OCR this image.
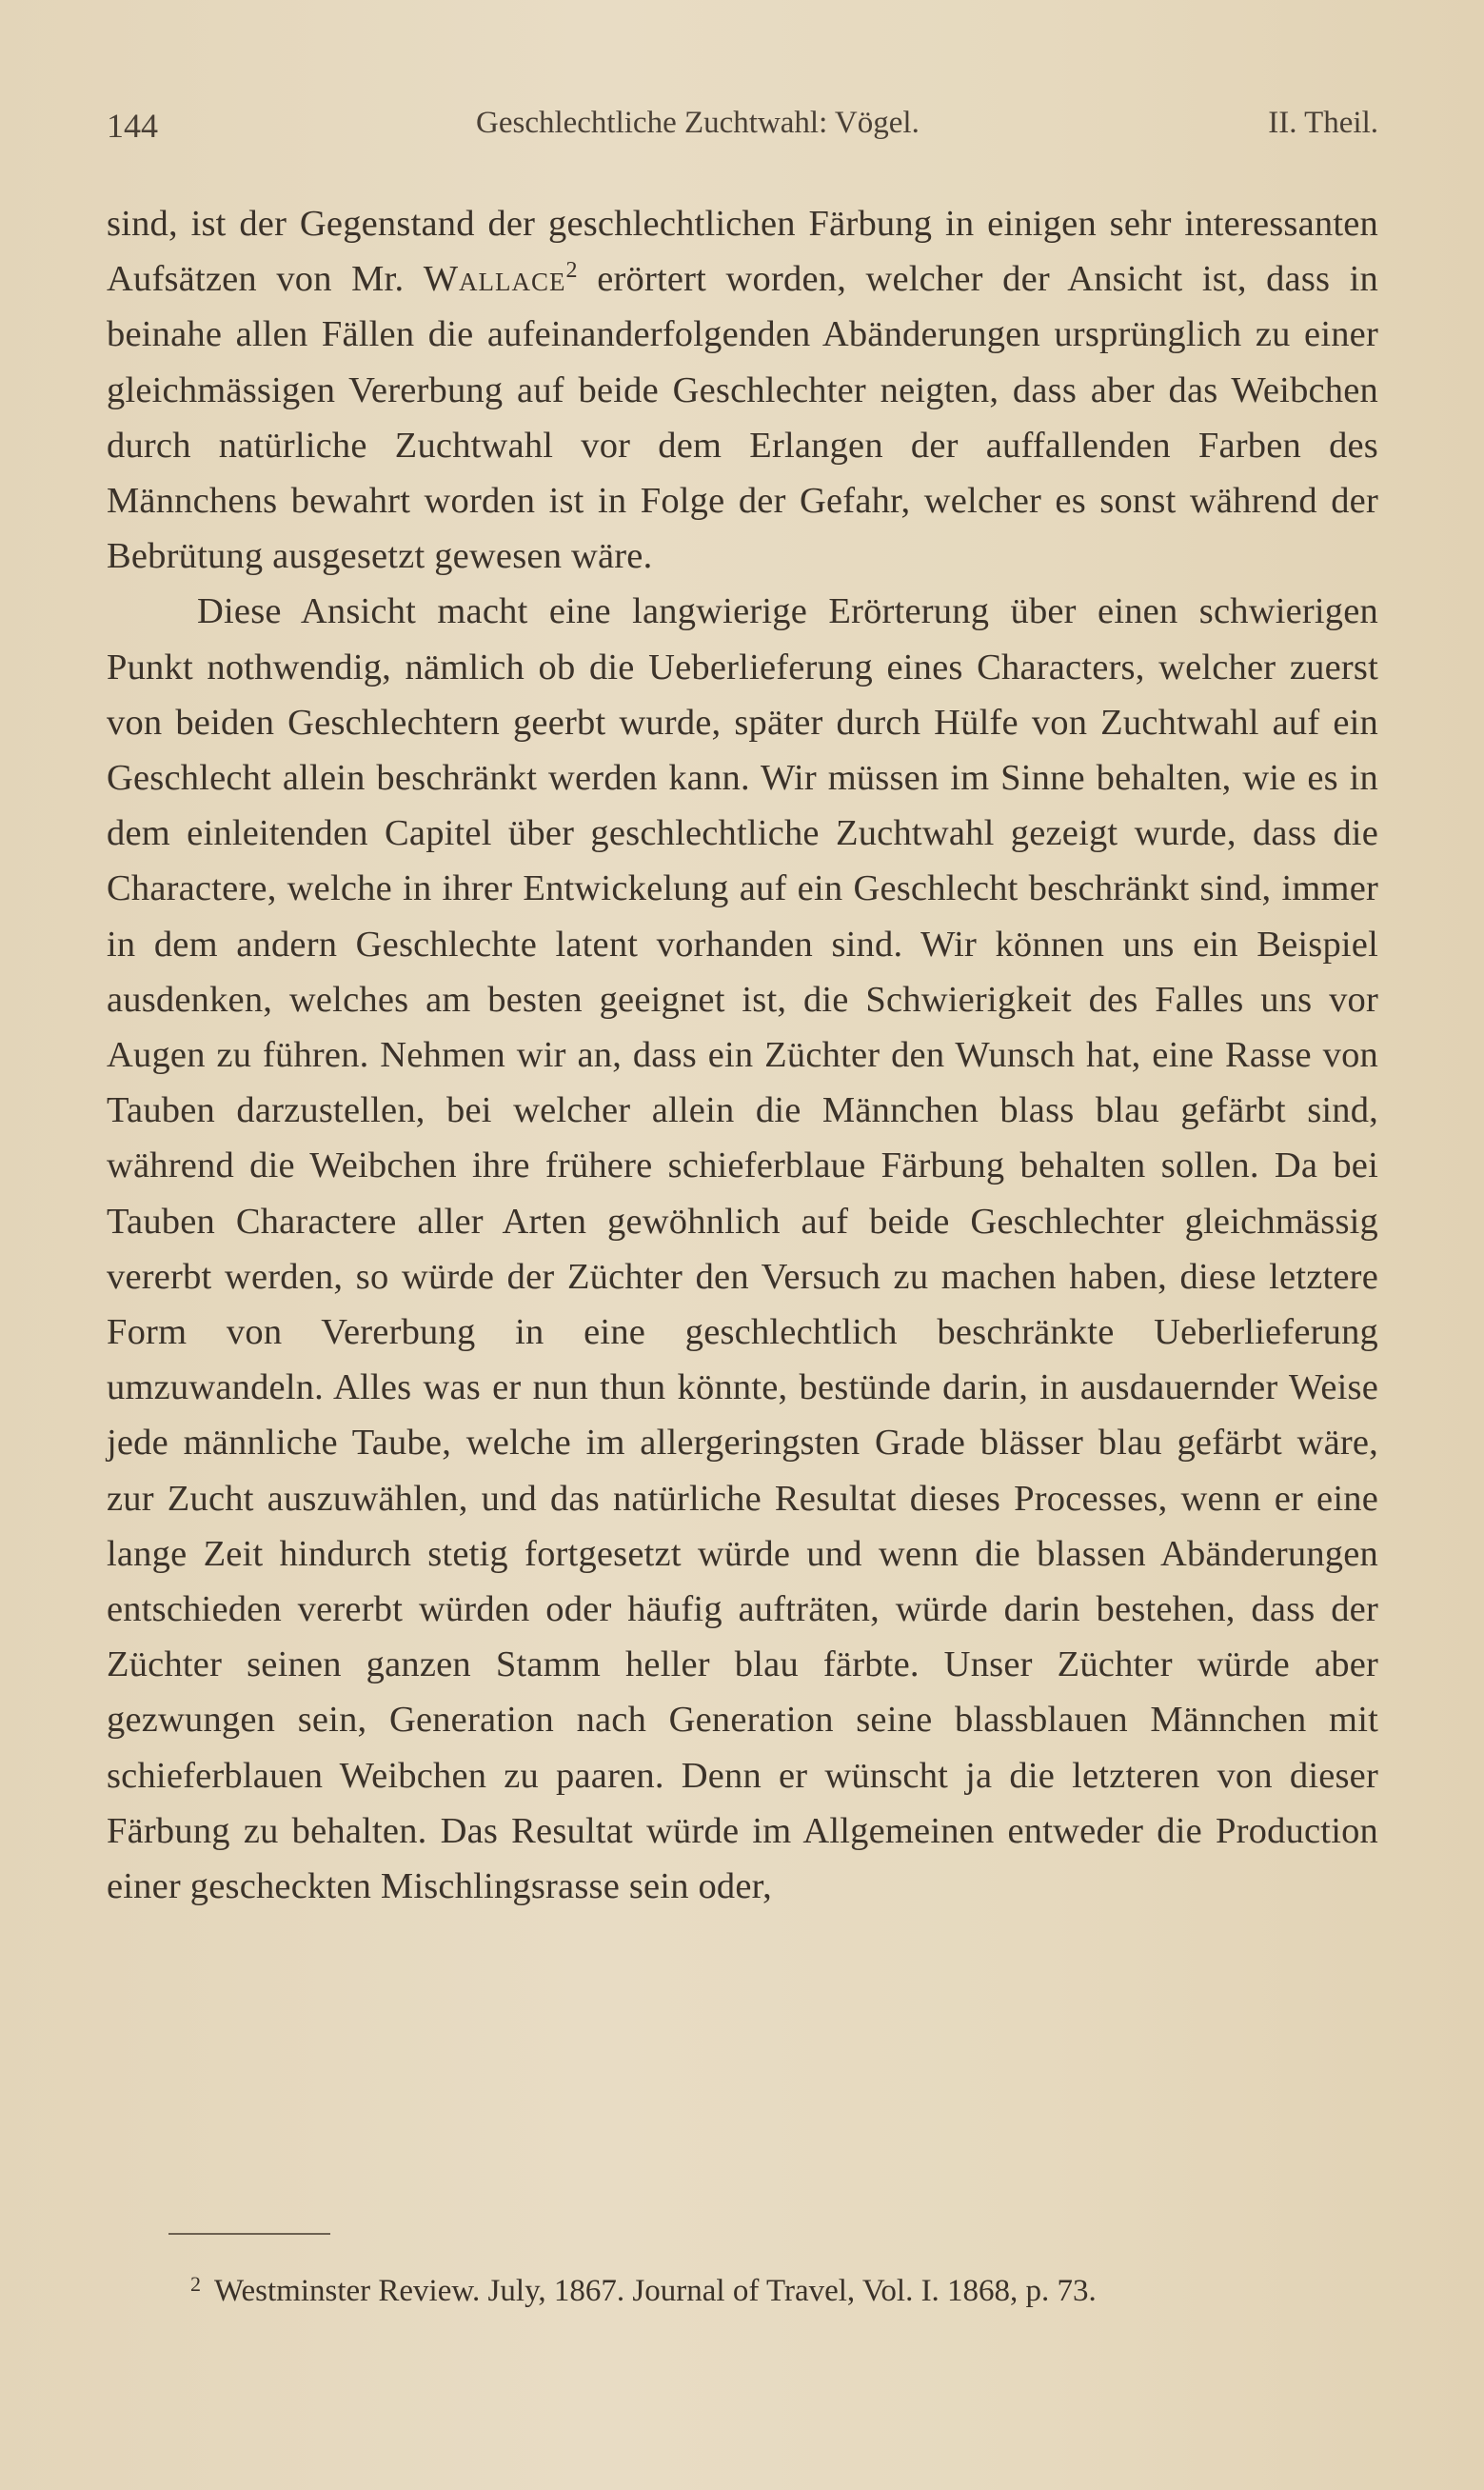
144	Geschlechtliche Zuchtwahl: Vögel.	II. Theil.

sind, ist der Gegenstand der geschlechtlichen Färbung in einigen sehr interessanten Aufsätzen von Mr. Wallace$^2$ erörtert worden, welcher der Ansicht ist, dass in beinahe allen Fällen die aufeinanderfolgenden Abänderungen ursprünglich zu einer gleichmässigen Vererbung auf beide Geschlechter neigten, dass aber das Weibchen durch natürliche Zuchtwahl vor dem Erlangen der auffallenden Farben des Männchens bewahrt worden ist in Folge der Gefahr, welcher es sonst während der Bebrütung ausgesetzt gewesen wäre.

Diese Ansicht macht eine langwierige Erörterung über einen schwierigen Punkt nothwendig, nämlich ob die Ueberlieferung eines Characters, welcher zuerst von beiden Geschlechtern geerbt wurde, später durch Hülfe von Zuchtwahl auf ein Geschlecht allein beschränkt werden kann. Wir müssen im Sinne behalten, wie es in dem einleitenden Capitel über geschlechtliche Zuchtwahl gezeigt wurde, dass die Charactere, welche in ihrer Entwickelung auf ein Geschlecht beschränkt sind, immer in dem andern Geschlechte latent vorhanden sind. Wir können uns ein Beispiel ausdenken, welches am besten geeignet ist, die Schwierigkeit des Falles uns vor Augen zu führen. Nehmen wir an, dass ein Züchter den Wunsch hat, eine Rasse von Tauben darzustellen, bei welcher allein die Männchen blass blau gefärbt sind, während die Weibchen ihre frühere schieferblaue Färbung behalten sollen. Da bei Tauben Charactere aller Arten gewöhnlich auf beide Geschlechter gleichmässig vererbt werden, so würde der Züchter den Versuch zu machen haben, diese letztere Form von Vererbung in eine geschlechtlich beschränkte Ueberlieferung umzuwandeln. Alles was er nun thun könnte, bestünde darin, in ausdauernder Weise jede männliche Taube, welche im allergeringsten Grade blässer blau gefärbt wäre, zur Zucht auszuwählen, und das natürliche Resultat dieses Processes, wenn er eine lange Zeit hindurch stetig fortgesetzt würde und wenn die blassen Abänderungen entschieden vererbt würden oder häufig aufträten, würde darin bestehen, dass der Züchter seinen ganzen Stamm heller blau färbte. Unser Züchter würde aber gezwungen sein, Generation nach Generation seine blassblauen Männchen mit schieferblauen Weibchen zu paaren. Denn er wünscht ja die letzteren von dieser Färbung zu behalten. Das Resultat würde im Allgemeinen entweder die Production einer gescheckten Mischlingsrasse sein oder,

$^2$ Westminster Review. July, 1867. Journal of Travel, Vol. I. 1868, p. 73.
